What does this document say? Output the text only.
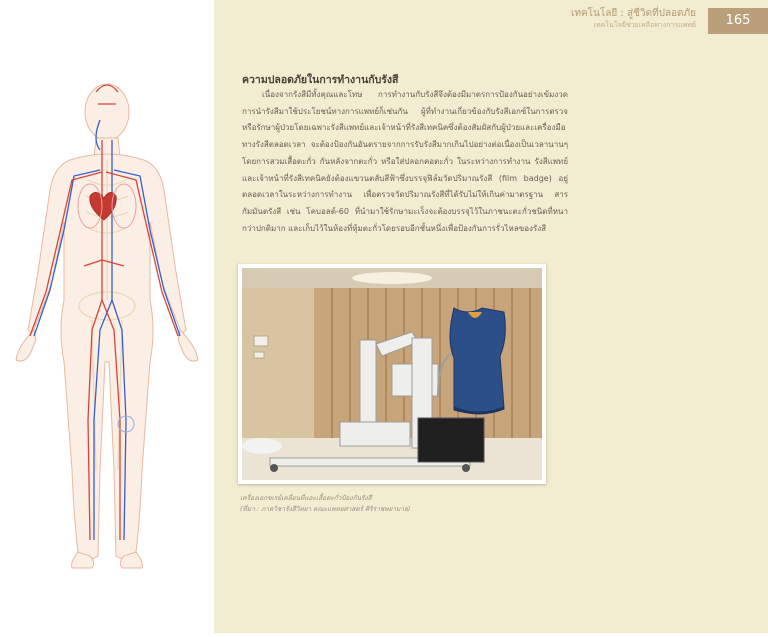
เทคโนโลยี : สู่ชีวิตที่ปลอดภัย
เทคโนโลยีช่วยเหลือทางการแพทย์	165
ความปลอดภัยในการทำงานกับรังสี

เนื่องจากรังสีมีทั้งคุณและโทษ การทำงานกับรังสีจึงต้องมีมาตรการป้องกันอย่างเข้มงวด การนำรังสีมาใช้ประโยชน์ทางการแพทย์ก็เช่นกัน ผู้ที่ทำงานเกี่ยวข้องกับรังสีเอกซ์ในการตรวจหรือรักษาผู้ป่วยโดยเฉพาะรังสีแพทย์และเจ้าหน้าที่รังสีเทคนิคซึ่งต้องสัมผัสกับผู้ป่วยและเครื่องมือทางรังสีตลอดเวลา จะต้องป้องกันอันตรายจากการรับรังสีมากเกินไปอย่างต่อเนื่องเป็นเวลานานๆ โดยการสวมเสื้อตะกั่ว กันหลังจากตะกั่ว หรือใส่ปลอกคอตะกั่ว ในระหว่างการทำงาน รังสีแพทย์และเจ้าหน้าที่รังสีเทคนิคยังต้องแขวนตลับสีฟ้าซึ่งบรรจุฟิล์มวัดปริมาณรังสี (film badge) อยู่ตลอดเวลาในระหว่างการทำงาน เพื่อตรวจวัดปริมาณรังสีที่ได้รับไม่ให้เกินค่ามาตรฐาน สารกัมมันตรังสี เช่น โคบอลต์-60 ที่นำมาใช้รักษามะเร็งจะต้องบรรจุไว้ในภาชนะตะกั่วชนิดที่หนากว่าปกติมาก และเก็บไว้ในห้องที่หุ้มตะกั่วโดยรอบอีกชั้นหนึ่งเพื่อป้องกันการรั่วไหลของรังสี

เครื่องเอกซเรย์เคลื่อนที่และเสื้อตะกั่วป้องกันรังสี
(ที่มา : ภาควิชารังสีวิทยา คณะแพทยศาสตร์ ศิริราชพยาบาล)
